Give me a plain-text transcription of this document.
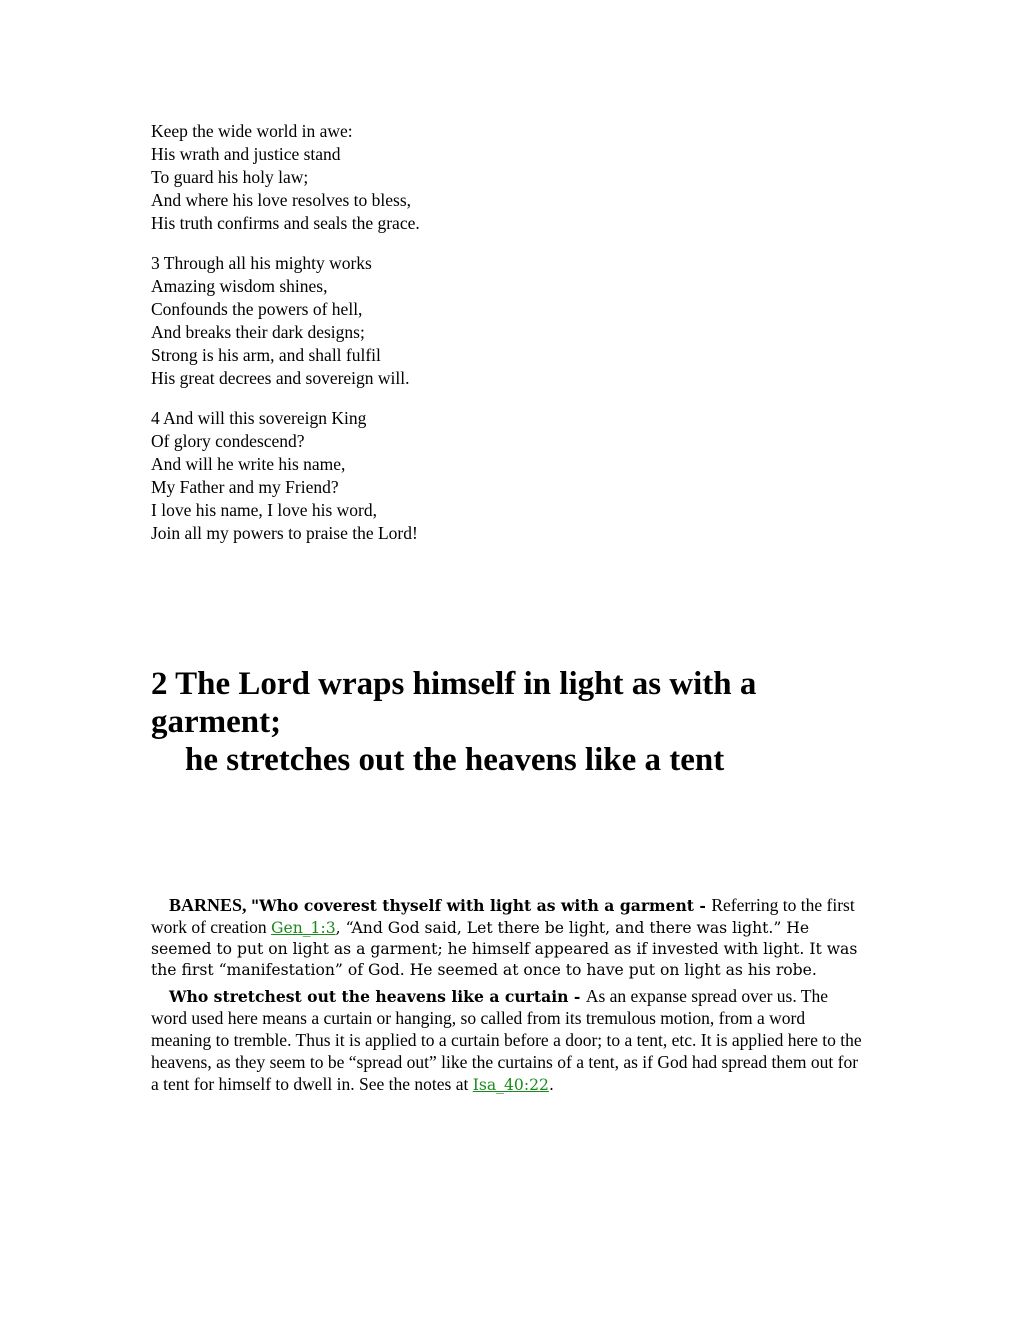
Keep the wide world in awe:
His wrath and justice stand
To guard his holy law;
And where his love resolves to bless,
His truth confirms and seals the grace.
3 Through all his mighty works
Amazing wisdom shines,
Confounds the powers of hell,
And breaks their dark designs;
Strong is his arm, and shall fulfil
His great decrees and sovereign will.
4 And will this sovereign King
Of glory condescend?
And will he write his name,
My Father and my Friend?
I love his name, I love his word,
Join all my powers to praise the Lord!
2 The Lord wraps himself in light as with a
garment;
he stretches out the heavens like a tent

BARNES, "Who coverest thyself with light as with a garment - Referring to the first work of creation Gen_1:3, “And God said, Let there be light, and there was light.” He seemed to put on light as a garment; he himself appeared as if invested with light. It was the first “manifestation” of God. He seemed at once to have put on light as his robe.

Who stretchest out the heavens like a curtain - As an expanse spread over us. The word used here means a curtain or hanging, so called from its tremulous motion, from a word meaning to tremble. Thus it is applied to a curtain before a door; to a tent, etc. It is applied here to the heavens, as they seem to be “spread out” like the curtains of a tent, as if God had spread them out for a tent for himself to dwell in. See the notes at Isa_40:22.
